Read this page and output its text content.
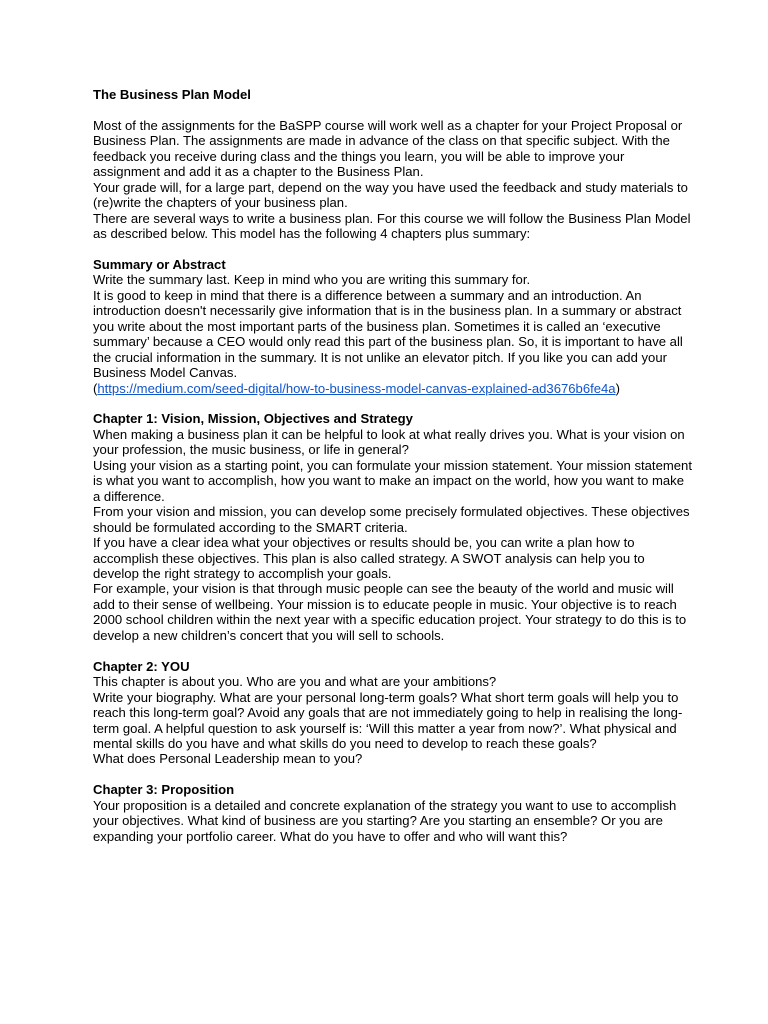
The Business Plan Model

Most of the assignments for the BaSPP course will work well as a chapter for your Project Proposal or Business Plan. The assignments are made in advance of the class on that specific subject. With the feedback you receive during class and the things you learn, you will be able to improve your assignment and add it as a chapter to the Business Plan.

Your grade will, for a large part, depend on the way you have used the feedback and study materials to (re)write the chapters of your business plan.

There are several ways to write a business plan. For this course we will follow the Business Plan Model as described below. This model has the following 4 chapters plus summary:

Summary or Abstract

Write the summary last. Keep in mind who you are writing this summary for.

It is good to keep in mind that there is a difference between a summary and an introduction. An introduction doesn't necessarily give information that is in the business plan. In a summary or abstract you write about the most important parts of the business plan. Sometimes it is called an ‘executive summary’ because a CEO would only read this part of the business plan. So, it is important to have all the crucial information in the summary. It is not unlike an elevator pitch. If you like you can add your Business Model Canvas.

(https://medium.com/seed-digital/how-to-business-model-canvas-explained-ad3676b6fe4a)

Chapter 1: Vision, Mission, Objectives and Strategy

When making a business plan it can be helpful to look at what really drives you. What is your vision on your profession, the music business, or life in general?

Using your vision as a starting point, you can formulate your mission statement. Your mission statement is what you want to accomplish, how you want to make an impact on the world, how you want to make a difference.

From your vision and mission, you can develop some precisely formulated objectives. These objectives should be formulated according to the SMART criteria.

If you have a clear idea what your objectives or results should be, you can write a plan how to accomplish these objectives. This plan is also called strategy. A SWOT analysis can help you to develop the right strategy to accomplish your goals.

For example, your vision is that through music people can see the beauty of the world and music will add to their sense of wellbeing. Your mission is to educate people in music. Your objective is to reach 2000 school children within the next year with a specific education project. Your strategy to do this is to develop a new children’s concert that you will sell to schools.

Chapter 2: YOU

This chapter is about you. Who are you and what are your ambitions?

Write your biography. What are your personal long-term goals? What short term goals will help you to reach this long-term goal? Avoid any goals that are not immediately going to help in realising the long-term goal. A helpful question to ask yourself is: ‘Will this matter a year from now?’. What physical and mental skills do you have and what skills do you need to develop to reach these goals?

What does Personal Leadership mean to you?

Chapter 3: Proposition

Your proposition is a detailed and concrete explanation of the strategy you want to use to accomplish your objectives. What kind of business are you starting? Are you starting an ensemble? Or you are expanding your portfolio career. What do you have to offer and who will want this?
